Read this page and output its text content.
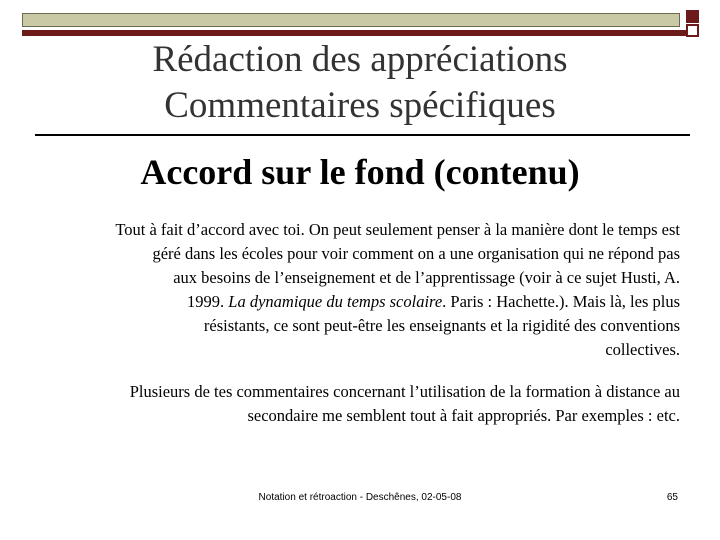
Rédaction des appréciations
Commentaires spécifiques
Accord sur le fond (contenu)
Tout à fait d’accord avec toi. On peut seulement penser à la manière dont le temps est
géré dans les écoles pour voir comment on a une organisation qui ne répond pas
aux besoins de l’enseignement et de l’apprentissage (voir à ce sujet Husti, A.
1999. La dynamique du temps scolaire. Paris : Hachette.). Mais là, les plus
résistants, ce sont peut-être les enseignants et la rigidité des conventions
collectives.
Plusieurs de tes commentaires concernant l’utilisation de la formation à distance au
secondaire me semblent tout à fait appropriés. Par exemples : etc.
Notation et rétroaction - Deschênes, 02-05-08	65
